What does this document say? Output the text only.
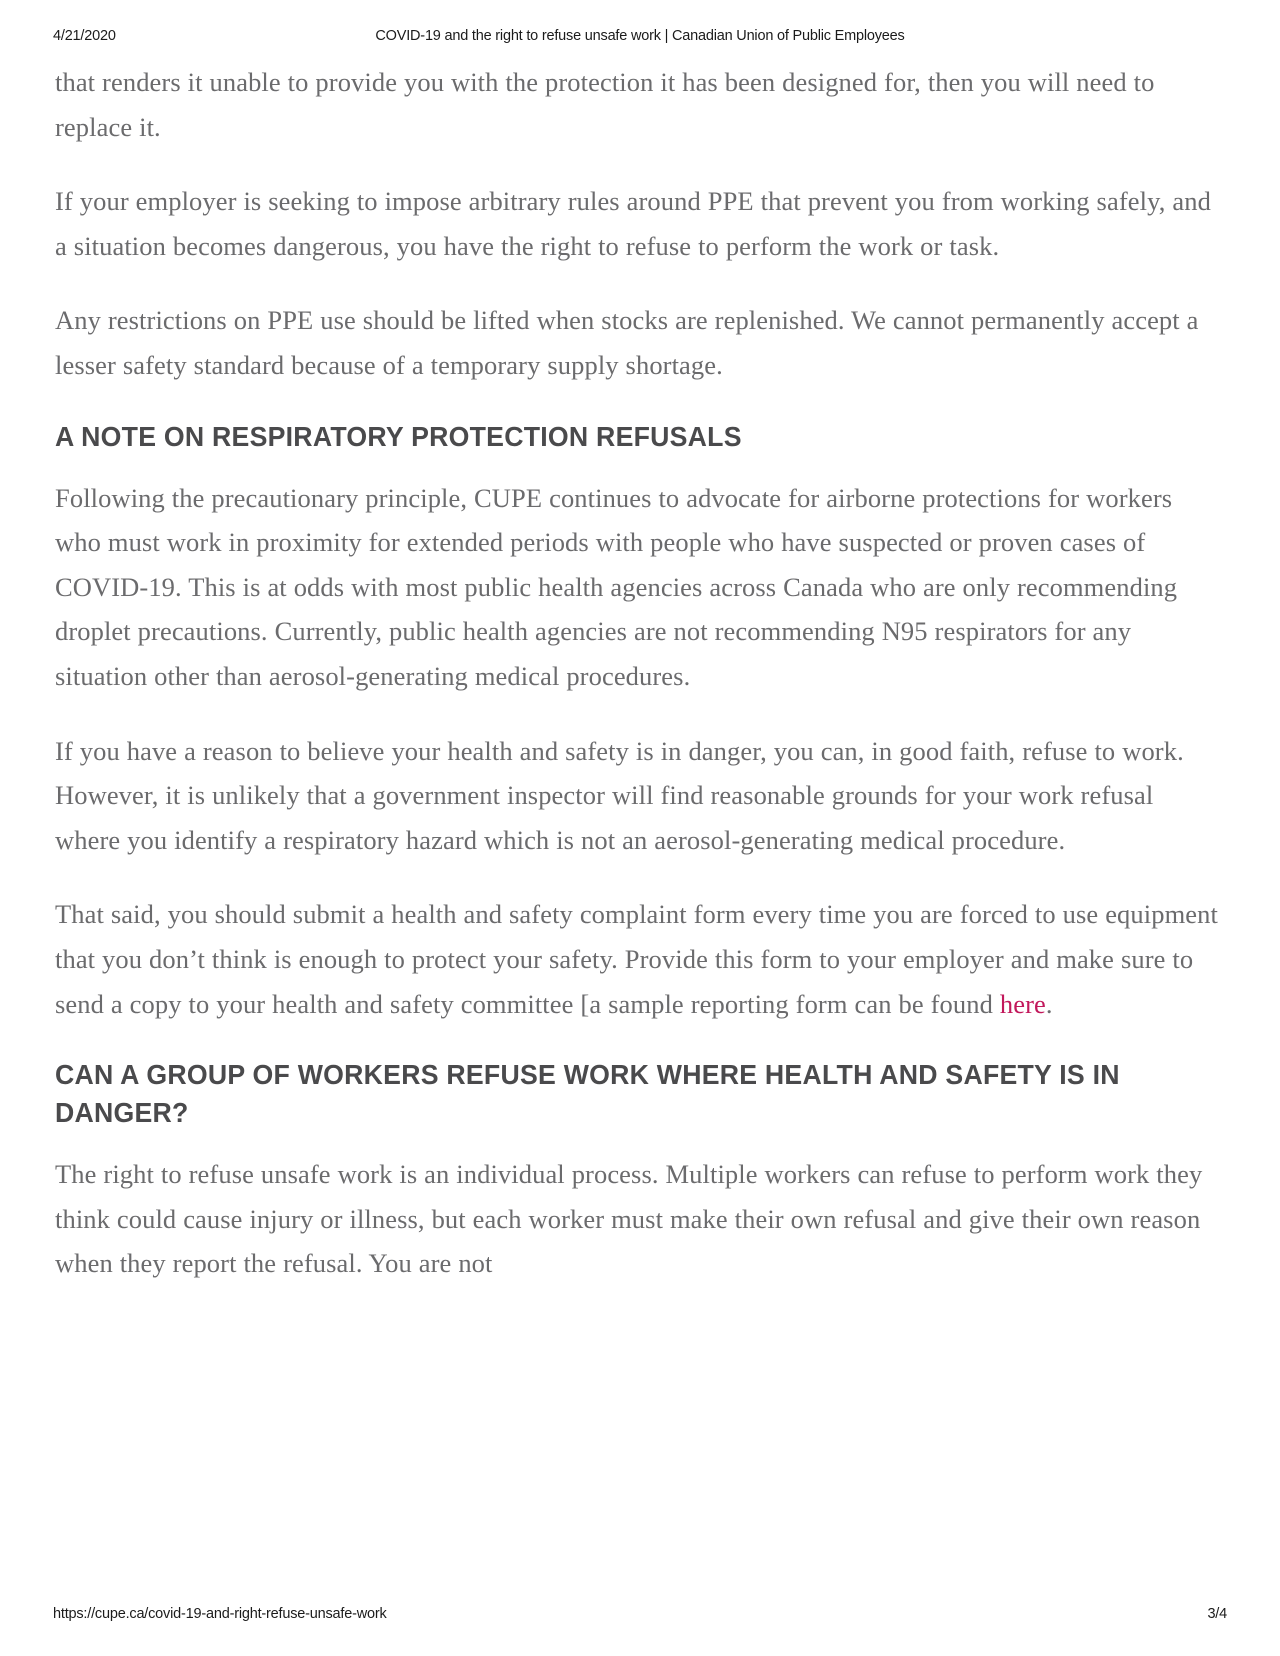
4/21/2020	COVID-19 and the right to refuse unsafe work | Canadian Union of Public Employees

that renders it unable to provide you with the protection it has been designed for, then you will need to replace it.

If your employer is seeking to impose arbitrary rules around PPE that prevent you from working safely, and a situation becomes dangerous, you have the right to refuse to perform the work or task.

Any restrictions on PPE use should be lifted when stocks are replenished. We cannot permanently accept a lesser safety standard because of a temporary supply shortage.

A NOTE ON RESPIRATORY PROTECTION REFUSALS

Following the precautionary principle, CUPE continues to advocate for airborne protections for workers who must work in proximity for extended periods with people who have suspected or proven cases of COVID-19. This is at odds with most public health agencies across Canada who are only recommending droplet precautions. Currently, public health agencies are not recommending N95 respirators for any situation other than aerosol-generating medical procedures.

If you have a reason to believe your health and safety is in danger, you can, in good faith, refuse to work. However, it is unlikely that a government inspector will find reasonable grounds for your work refusal where you identify a respiratory hazard which is not an aerosol-generating medical procedure.

That said, you should submit a health and safety complaint form every time you are forced to use equipment that you don’t think is enough to protect your safety. Provide this form to your employer and make sure to send a copy to your health and safety committee [a sample reporting form can be found here.

CAN A GROUP OF WORKERS REFUSE WORK WHERE HEALTH AND SAFETY IS IN DANGER?

The right to refuse unsafe work is an individual process. Multiple workers can refuse to perform work they think could cause injury or illness, but each worker must make their own refusal and give their own reason when they report the refusal. You are not

https://cupe.ca/covid-19-and-right-refuse-unsafe-work	3/4
